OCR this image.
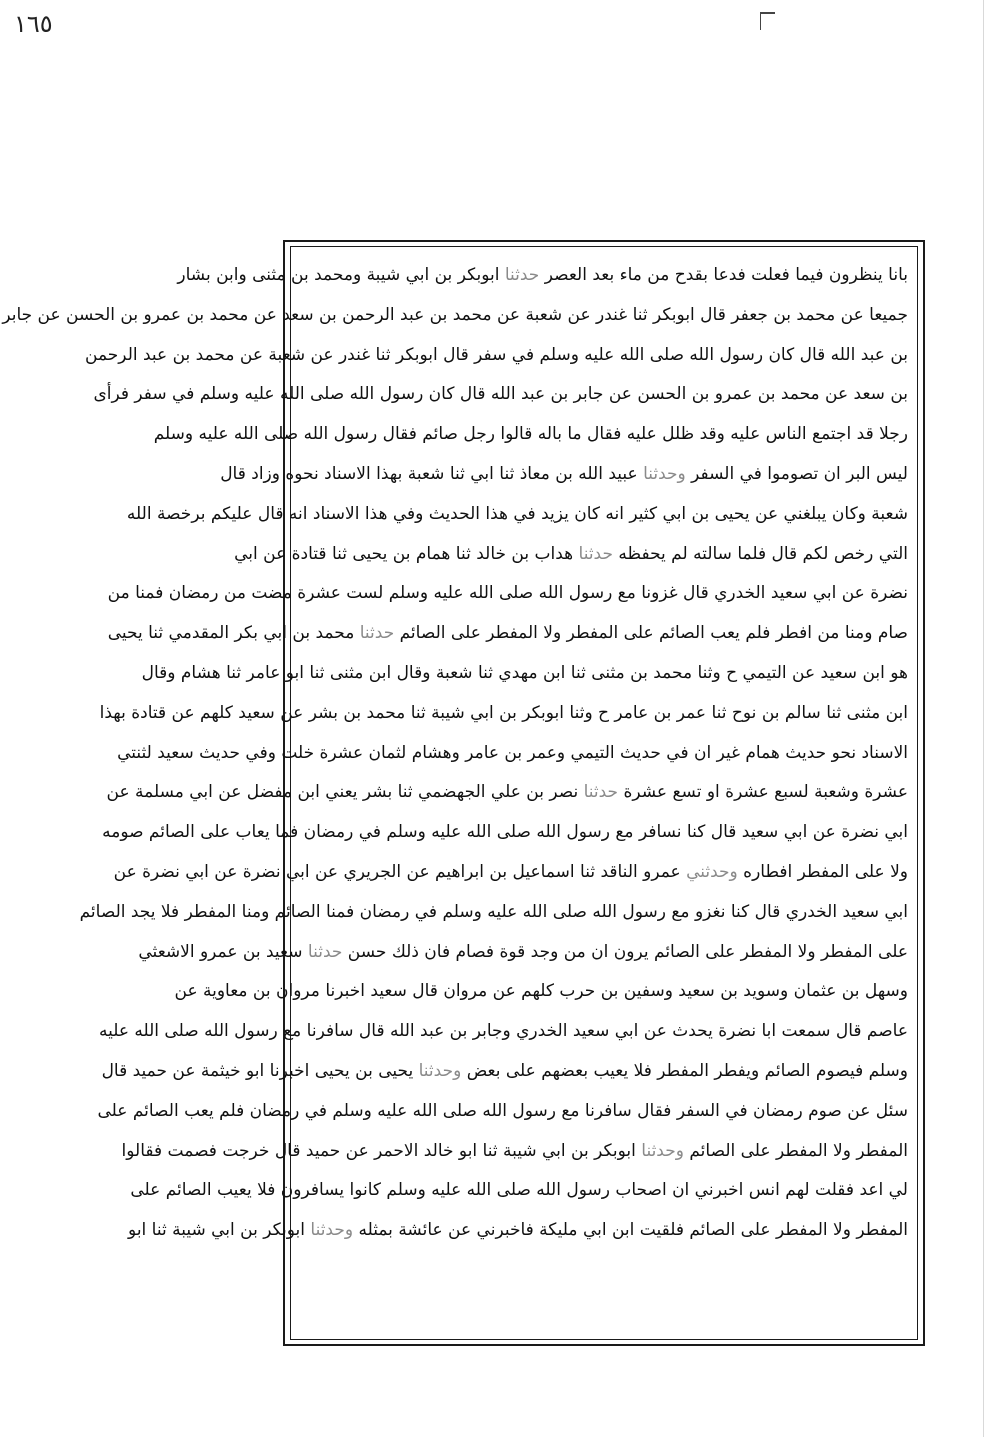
١٦٥
بانا ينظرون فيما فعلت فدعا بقدح من ماء بعد العصر حدثنا ابوبكر بن ابي شيبة ومحمد بن مثنى وابن بشار
جميعا عن محمد بن جعفر قال ابوبكر ثنا غندر عن شعبة عن محمد بن عبد الرحمن بن سعد عن محمد بن عمرو بن الحسن عن جابر
بن عبد الله قال كان رسول الله صلى الله عليه وسلم في سفر قال ابوبكر ثنا غندر عن شعبة عن محمد بن عبد الرحمن
بن سعد عن محمد بن عمرو بن الحسن عن جابر بن عبد الله قال كان رسول الله صلى الله عليه وسلم في سفر فرأى
رجلا قد اجتمع الناس عليه وقد ظلل عليه فقال ما باله قالوا رجل صائم فقال رسول الله صلى الله عليه وسلم
ليس البر ان تصوموا في السفر وحدثنا عبيد الله بن معاذ ثنا ابي ثنا شعبة بهذا الاسناد نحوه وزاد قال
شعبة وكان يبلغني عن يحيى بن ابي كثير انه كان يزيد في هذا الحديث وفي هذا الاسناد انه قال عليكم برخصة الله
التي رخص لكم قال فلما سالته لم يحفظه حدثنا هداب بن خالد ثنا همام بن يحيى ثنا قتادة عن ابي
نضرة عن ابي سعيد الخدري قال غزونا مع رسول الله صلى الله عليه وسلم لست عشرة مضت من رمضان فمنا من
صام ومنا من افطر فلم يعب الصائم على المفطر ولا المفطر على الصائم حدثنا محمد بن ابي بكر المقدمي ثنا يحيى
هو ابن سعيد عن التيمي ح وثنا محمد بن مثنى ثنا ابن مهدي ثنا شعبة وقال ابن مثنى ثنا ابو عامر ثنا هشام وقال
ابن مثنى ثنا سالم بن نوح ثنا عمر بن عامر ح وثنا ابوبكر بن ابي شيبة ثنا محمد بن بشر عن سعيد كلهم عن قتادة بهذا
الاسناد نحو حديث همام غير ان في حديث التيمي وعمر بن عامر وهشام لثمان عشرة خلت وفي حديث سعيد لثنتي
عشرة وشعبة لسبع عشرة او تسع عشرة حدثنا نصر بن علي الجهضمي ثنا بشر يعني ابن مفضل عن ابي مسلمة عن
ابي نضرة عن ابي سعيد قال كنا نسافر مع رسول الله صلى الله عليه وسلم في رمضان فما يعاب على الصائم صومه
ولا على المفطر افطاره وحدثني عمرو الناقد ثنا اسماعيل بن ابراهيم عن الجريري عن ابي نضرة عن ابي نضرة عن
ابي سعيد الخدري قال كنا نغزو مع رسول الله صلى الله عليه وسلم في رمضان فمنا الصائم ومنا المفطر فلا يجد الصائم
على المفطر ولا المفطر على الصائم يرون ان من وجد قوة فصام فان ذلك حسن حدثنا سعيد بن عمرو الاشعثي
وسهل بن عثمان وسويد بن سعيد وسفين بن حرب كلهم عن مروان قال سعيد اخبرنا مروان بن معاوية عن
عاصم قال سمعت ابا نضرة يحدث عن ابي سعيد الخدري وجابر بن عبد الله قال سافرنا مع رسول الله صلى الله عليه
وسلم فيصوم الصائم ويفطر المفطر فلا يعيب بعضهم على بعض وحدثنا يحيى بن يحيى اخبرنا ابو خيثمة عن حميد قال
سئل عن صوم رمضان في السفر فقال سافرنا مع رسول الله صلى الله عليه وسلم في رمضان فلم يعب الصائم على
المفطر ولا المفطر على الصائم وحدثنا ابوبكر بن ابي شيبة ثنا ابو خالد الاحمر عن حميد قال خرجت فصمت فقالوا
لي اعد فقلت لهم انس اخبرني ان اصحاب رسول الله صلى الله عليه وسلم كانوا يسافرون فلا يعيب الصائم على
المفطر ولا المفطر على الصائم فلقيت ابن ابي مليكة فاخبرني عن عائشة بمثله وحدثنا ابوبكر بن ابي شيبة ثنا ابو
